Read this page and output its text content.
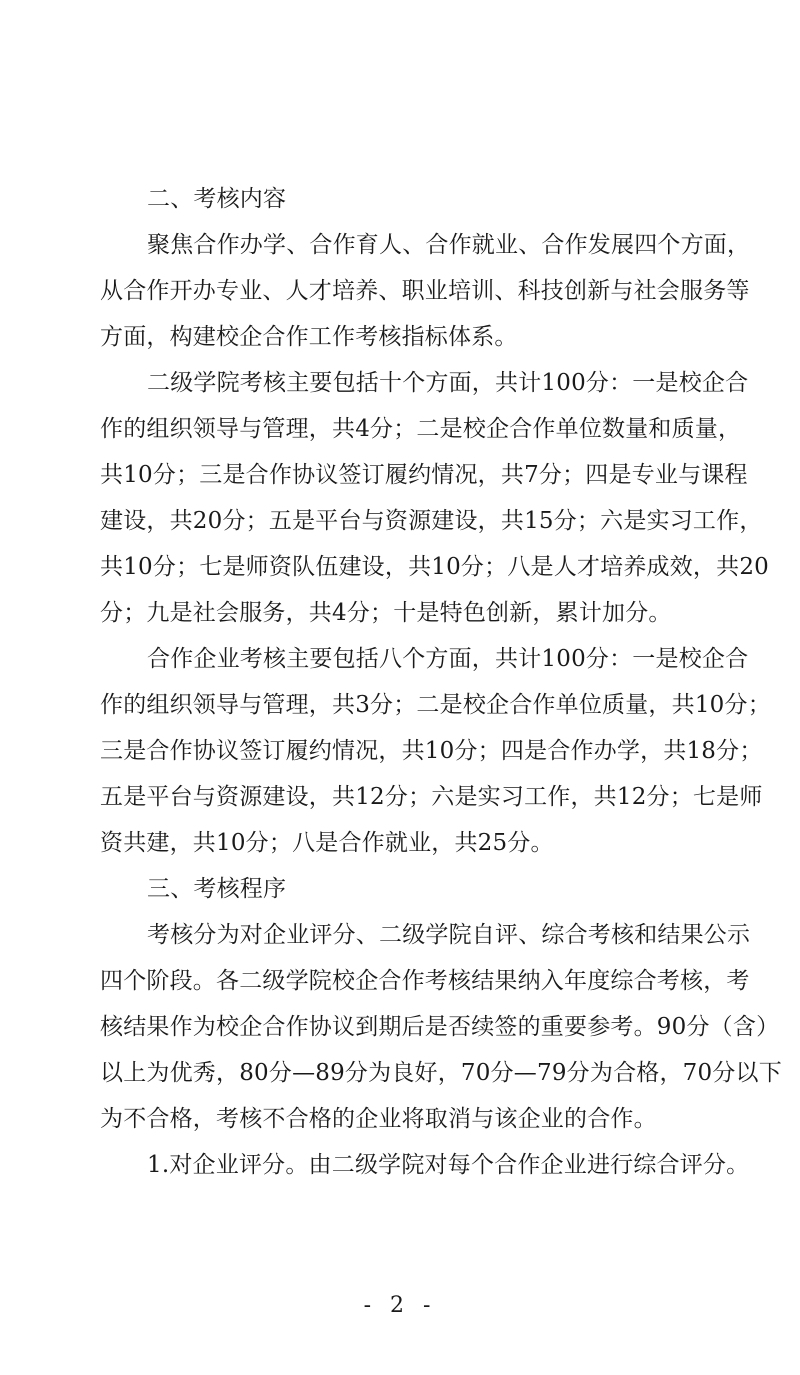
二、考核内容
聚焦合作办学、合作育人、合作就业、合作发展四个方面，
从合作开办专业、人才培养、职业培训、科技创新与社会服务等
方面，构建校企合作工作考核指标体系。
二级学院考核主要包括十个方面，共计100分：一是校企合
作的组织领导与管理，共4分；二是校企合作单位数量和质量，
共10分；三是合作协议签订履约情况，共7分；四是专业与课程
建设，共20分；五是平台与资源建设，共15分；六是实习工作，
共10分；七是师资队伍建设，共10分；八是人才培养成效，共20
分；九是社会服务，共4分；十是特色创新，累计加分。
合作企业考核主要包括八个方面，共计100分：一是校企合
作的组织领导与管理，共3分；二是校企合作单位质量，共10分；
三是合作协议签订履约情况，共10分；四是合作办学，共18分；
五是平台与资源建设，共12分；六是实习工作，共12分；七是师
资共建，共10分；八是合作就业，共25分。
三、考核程序
考核分为对企业评分、二级学院自评、综合考核和结果公示
四个阶段。各二级学院校企合作考核结果纳入年度综合考核，考
核结果作为校企合作协议到期后是否续签的重要参考。90分（含）
以上为优秀，80分—89分为良好，70分—79分为合格，70分以下
为不合格，考核不合格的企业将取消与该企业的合作。
1.对企业评分。由二级学院对每个合作企业进行综合评分。
- 2 -
